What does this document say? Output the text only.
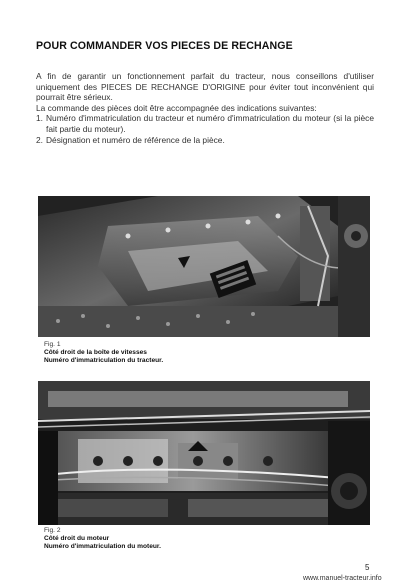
POUR COMMANDER VOS PIECES DE RECHANGE

A fin de garantir un fonctionnement parfait du tracteur, nous conseillons d'utiliser uniquement des PIECES DE RECHANGE D'ORIGINE pour éviter tout inconvénient qui pourrait être sérieux.

La commande des pièces doit être accompagnée des indications suivantes:

1. Numéro d'immatriculation du tracteur et numéro d'immatriculation du moteur (si la pièce fait partie du moteur).
2. Désignation et numéro de référence de la pièce.
Fig. 1
Côté droit de la boîte de vitesses
Numéro d'immatriculation du tracteur.
Fig. 2
Côté droit du moteur
Numéro d'immatriculation du moteur.
5
www.manuel-tracteur.info
